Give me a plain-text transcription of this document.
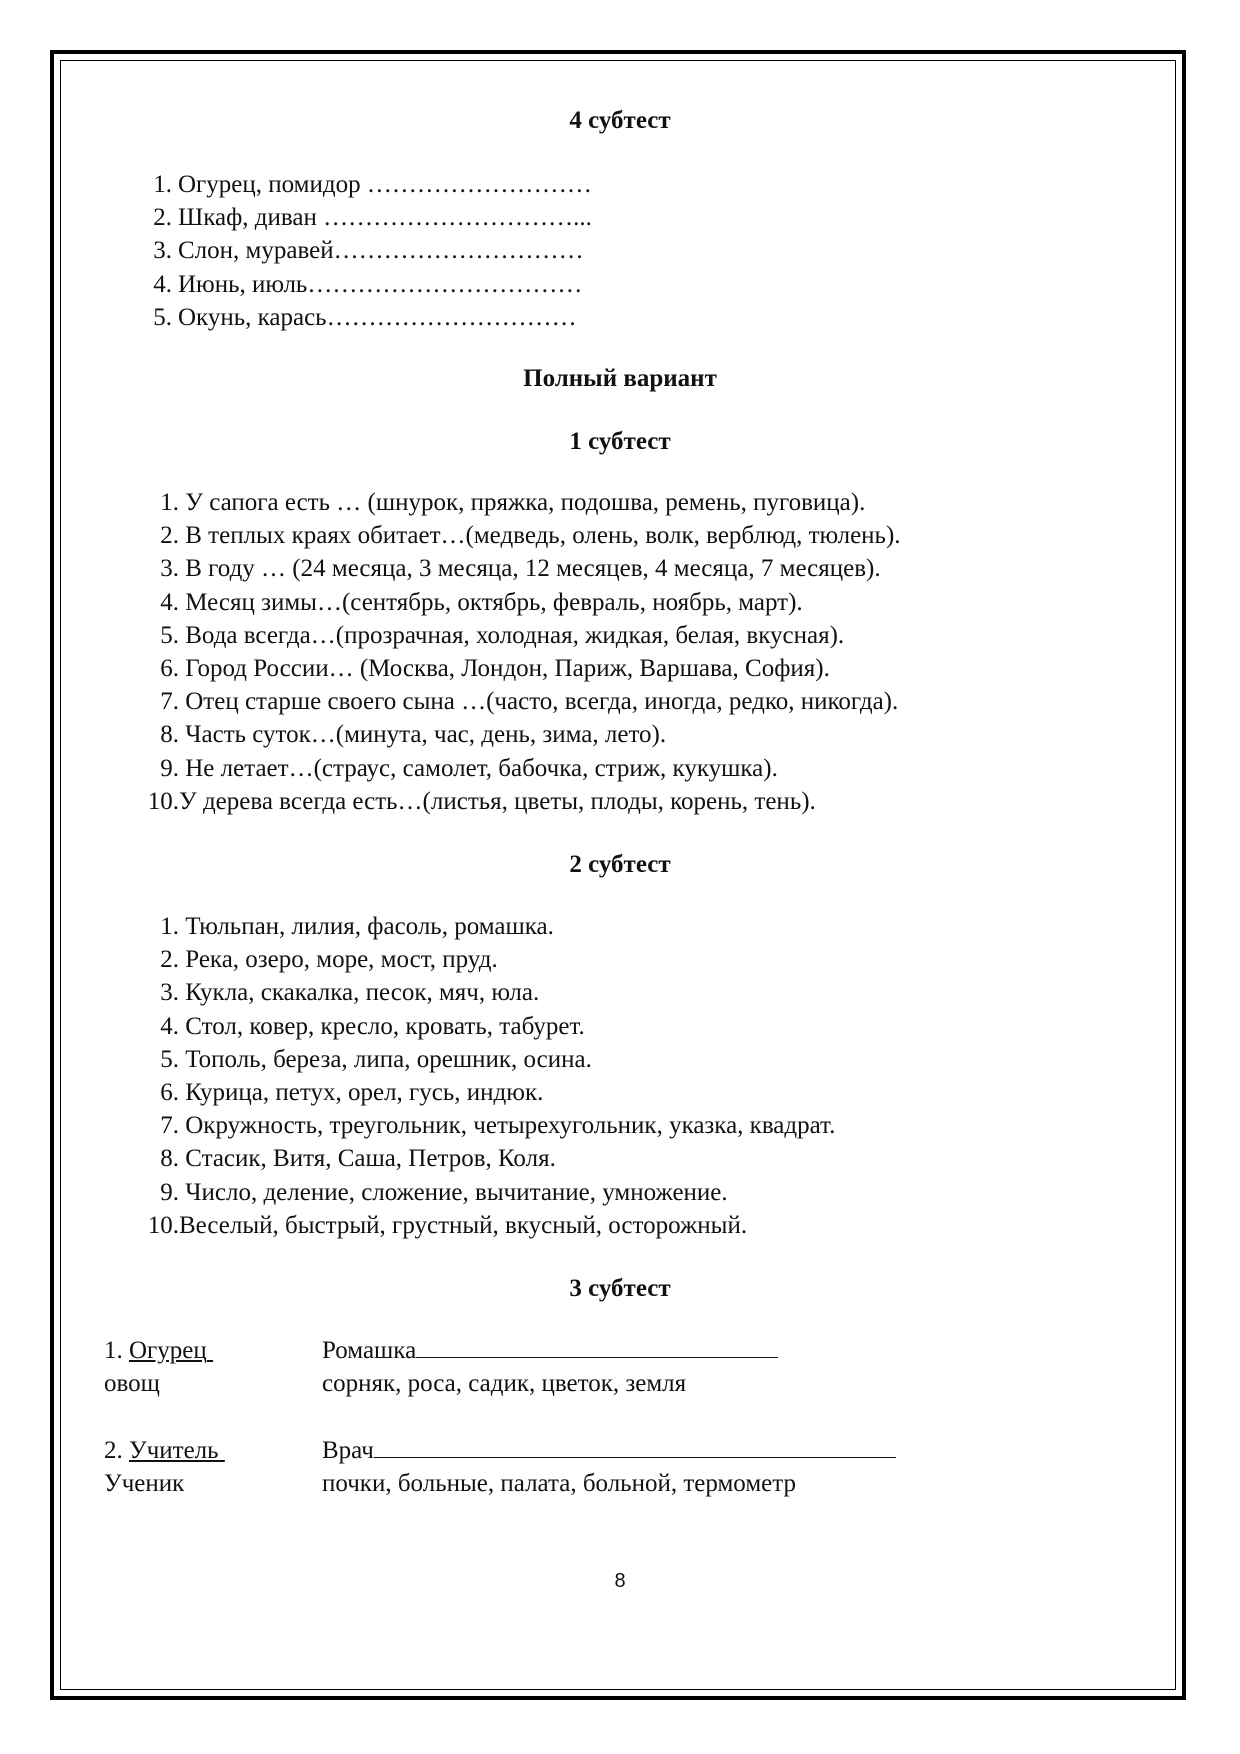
4 субтест
1. Огурец, помидор ………………………
2. Шкаф, диван …………………………...
3. Слон, муравей…………………………
4. Июнь, июль……………………………
5. Окунь, карась…………………………
Полный вариант
1 субтест
1. У сапога есть … (шнурок, пряжка, подошва, ремень, пуговица).
2. В теплых краях обитает…(медведь, олень, волк, верблюд, тюлень).
3. В году … (24 месяца, 3 месяца, 12 месяцев, 4 месяца, 7 месяцев).
4. Месяц зимы…(сентябрь, октябрь, февраль, ноябрь, март).
5. Вода всегда…(прозрачная, холодная, жидкая, белая, вкусная).
6. Город России… (Москва, Лондон, Париж, Варшава, София).
7. Отец старше своего сына …(часто, всегда, иногда, редко, никогда).
8. Часть суток…(минута, час, день, зима, лето).
9. Не летает…(страус, самолет, бабочка, стриж, кукушка).
10.У дерева всегда есть…(листья, цветы, плоды, корень, тень).
2 субтест
1. Тюльпан, лилия, фасоль, ромашка.
2. Река, озеро, море, мост, пруд.
3. Кукла, скакалка, песок, мяч, юла.
4. Стол, ковер, кресло, кровать, табурет.
5. Тополь, береза, липа, орешник, осина.
6. Курица, петух, орел, гусь, индюк.
7. Окружность, треугольник, четырехугольник, указка, квадрат.
8. Стасик, Витя, Саша, Петров, Коля.
9. Число, деление, сложение, вычитание, умножение.
10.Веселый, быстрый, грустный, вкусный, осторожный.
3 субтест
1. Огурец	Ромашка
овощ	сорняк, роса, садик, цветок, земля
2. Учитель	Врач
Ученик	почки, больные, палата, больной, термометр
8
